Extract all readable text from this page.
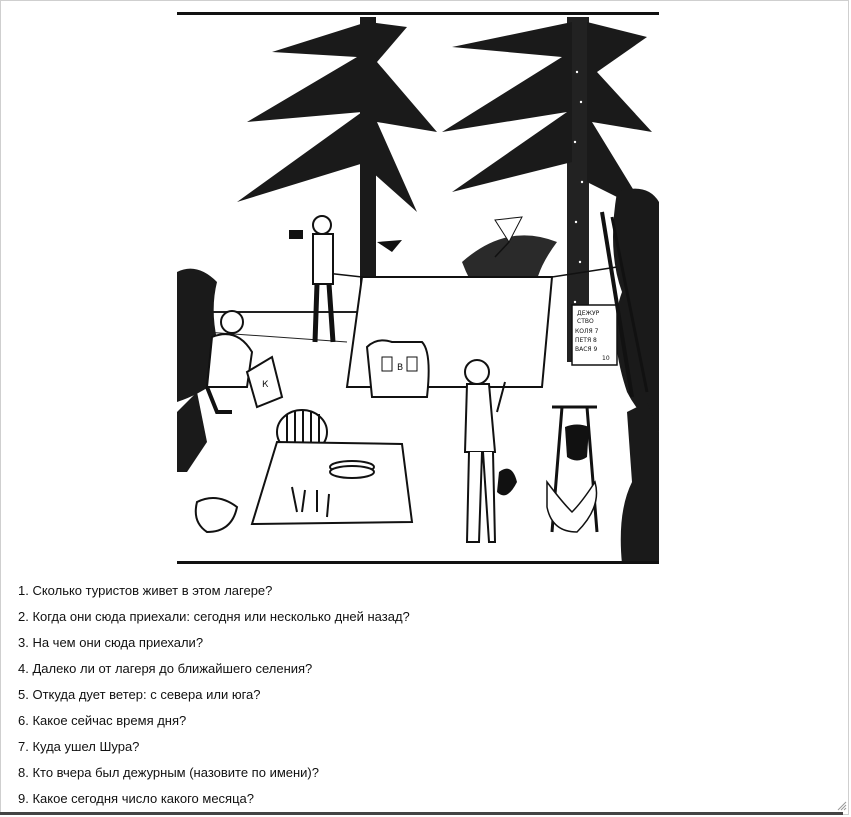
В
ДЕЖУР
СТВО
КОЛЯ 7
ПЕТЯ 8
ВАСЯ 9
10
К
1. Сколько туристов живет в этом лагере?
2. Когда они сюда приехали: сегодня или несколько дней назад?
3. На чем они сюда приехали?
4. Далеко ли от лагеря до ближайшего селения?
5. Откуда дует ветер: с севера или юга?
6. Какое сейчас время дня?
7. Куда ушел Шура?
8. Кто вчера был дежурным (назовите по имени)?
9. Какое сегодня число какого месяца?
